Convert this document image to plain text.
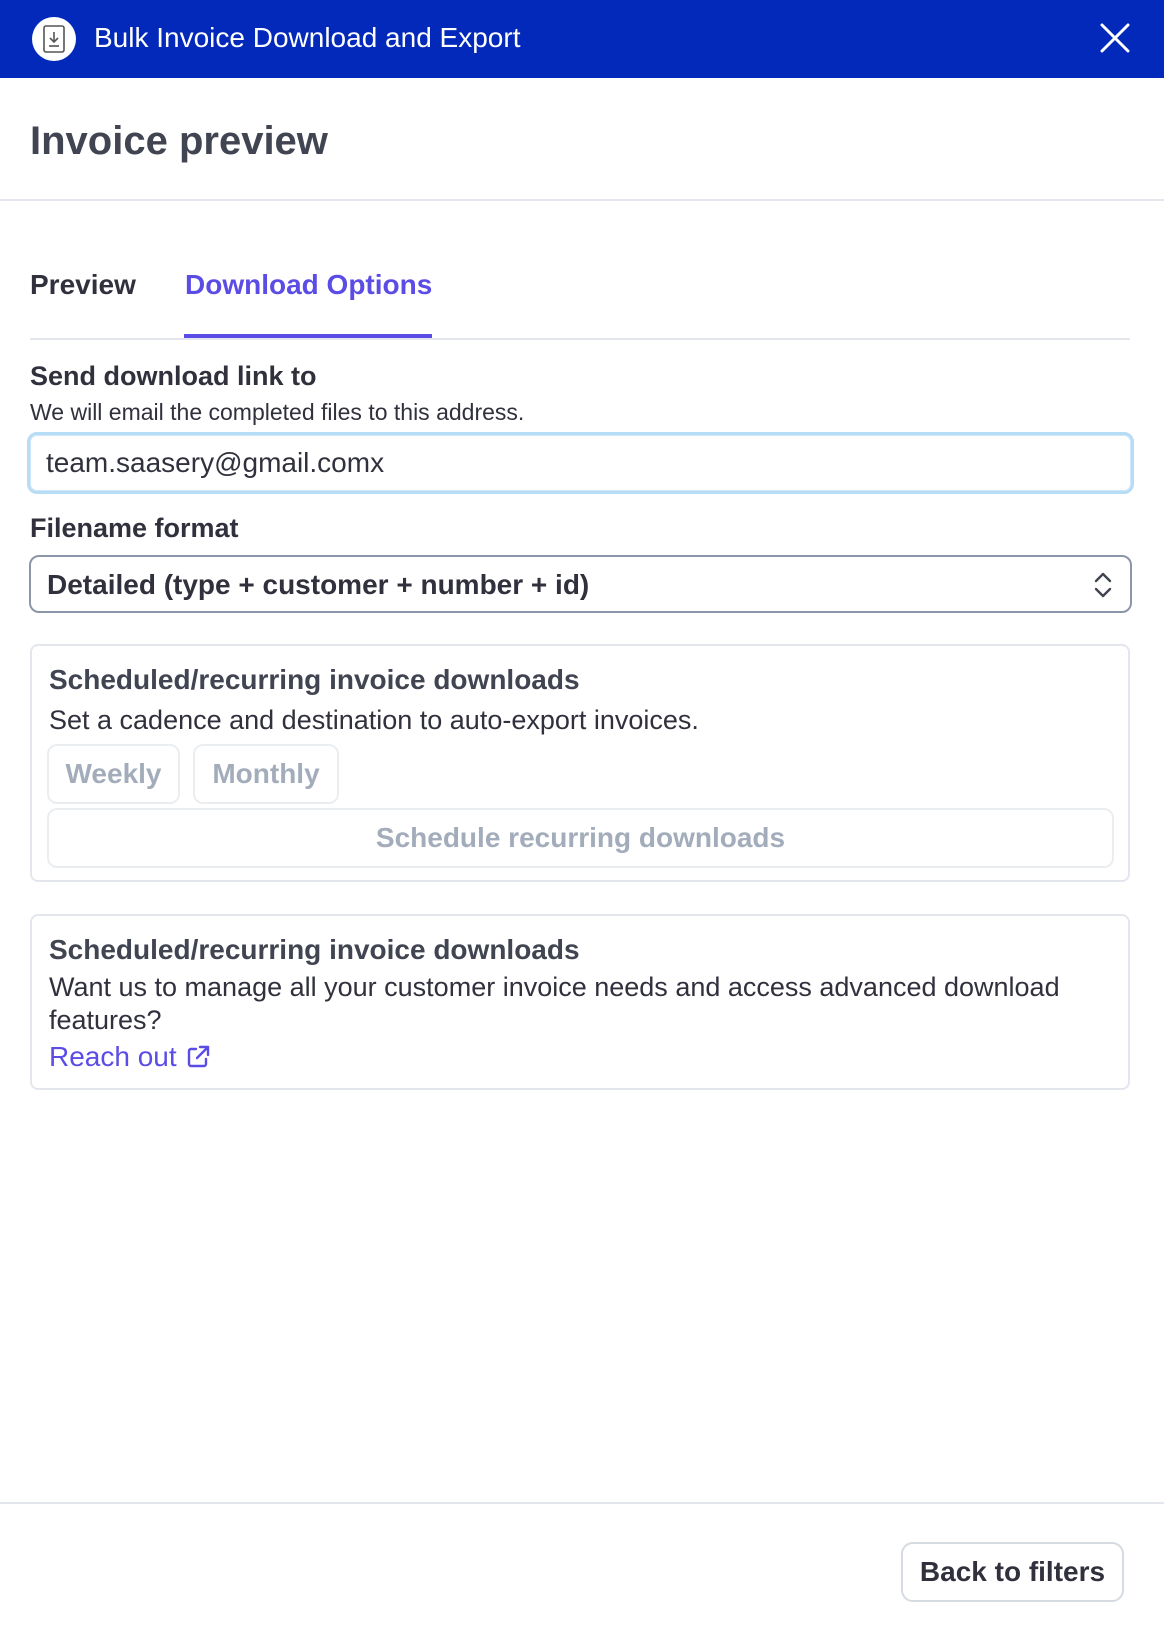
Bulk Invoice Download and Export
Invoice preview
Preview Download Options
Send download link to
We will email the completed files to this address.
team.saasery@gmail.comx
Filename format
Detailed (type + customer + number + id)
Scheduled/recurring invoice downloads
Set a cadence and destination to auto-export invoices.
Weekly	Monthly
Schedule recurring downloads
Scheduled/recurring invoice downloads
Want us to manage all your customer invoice needs and access advanced download features?
Reach out
Back to filters
